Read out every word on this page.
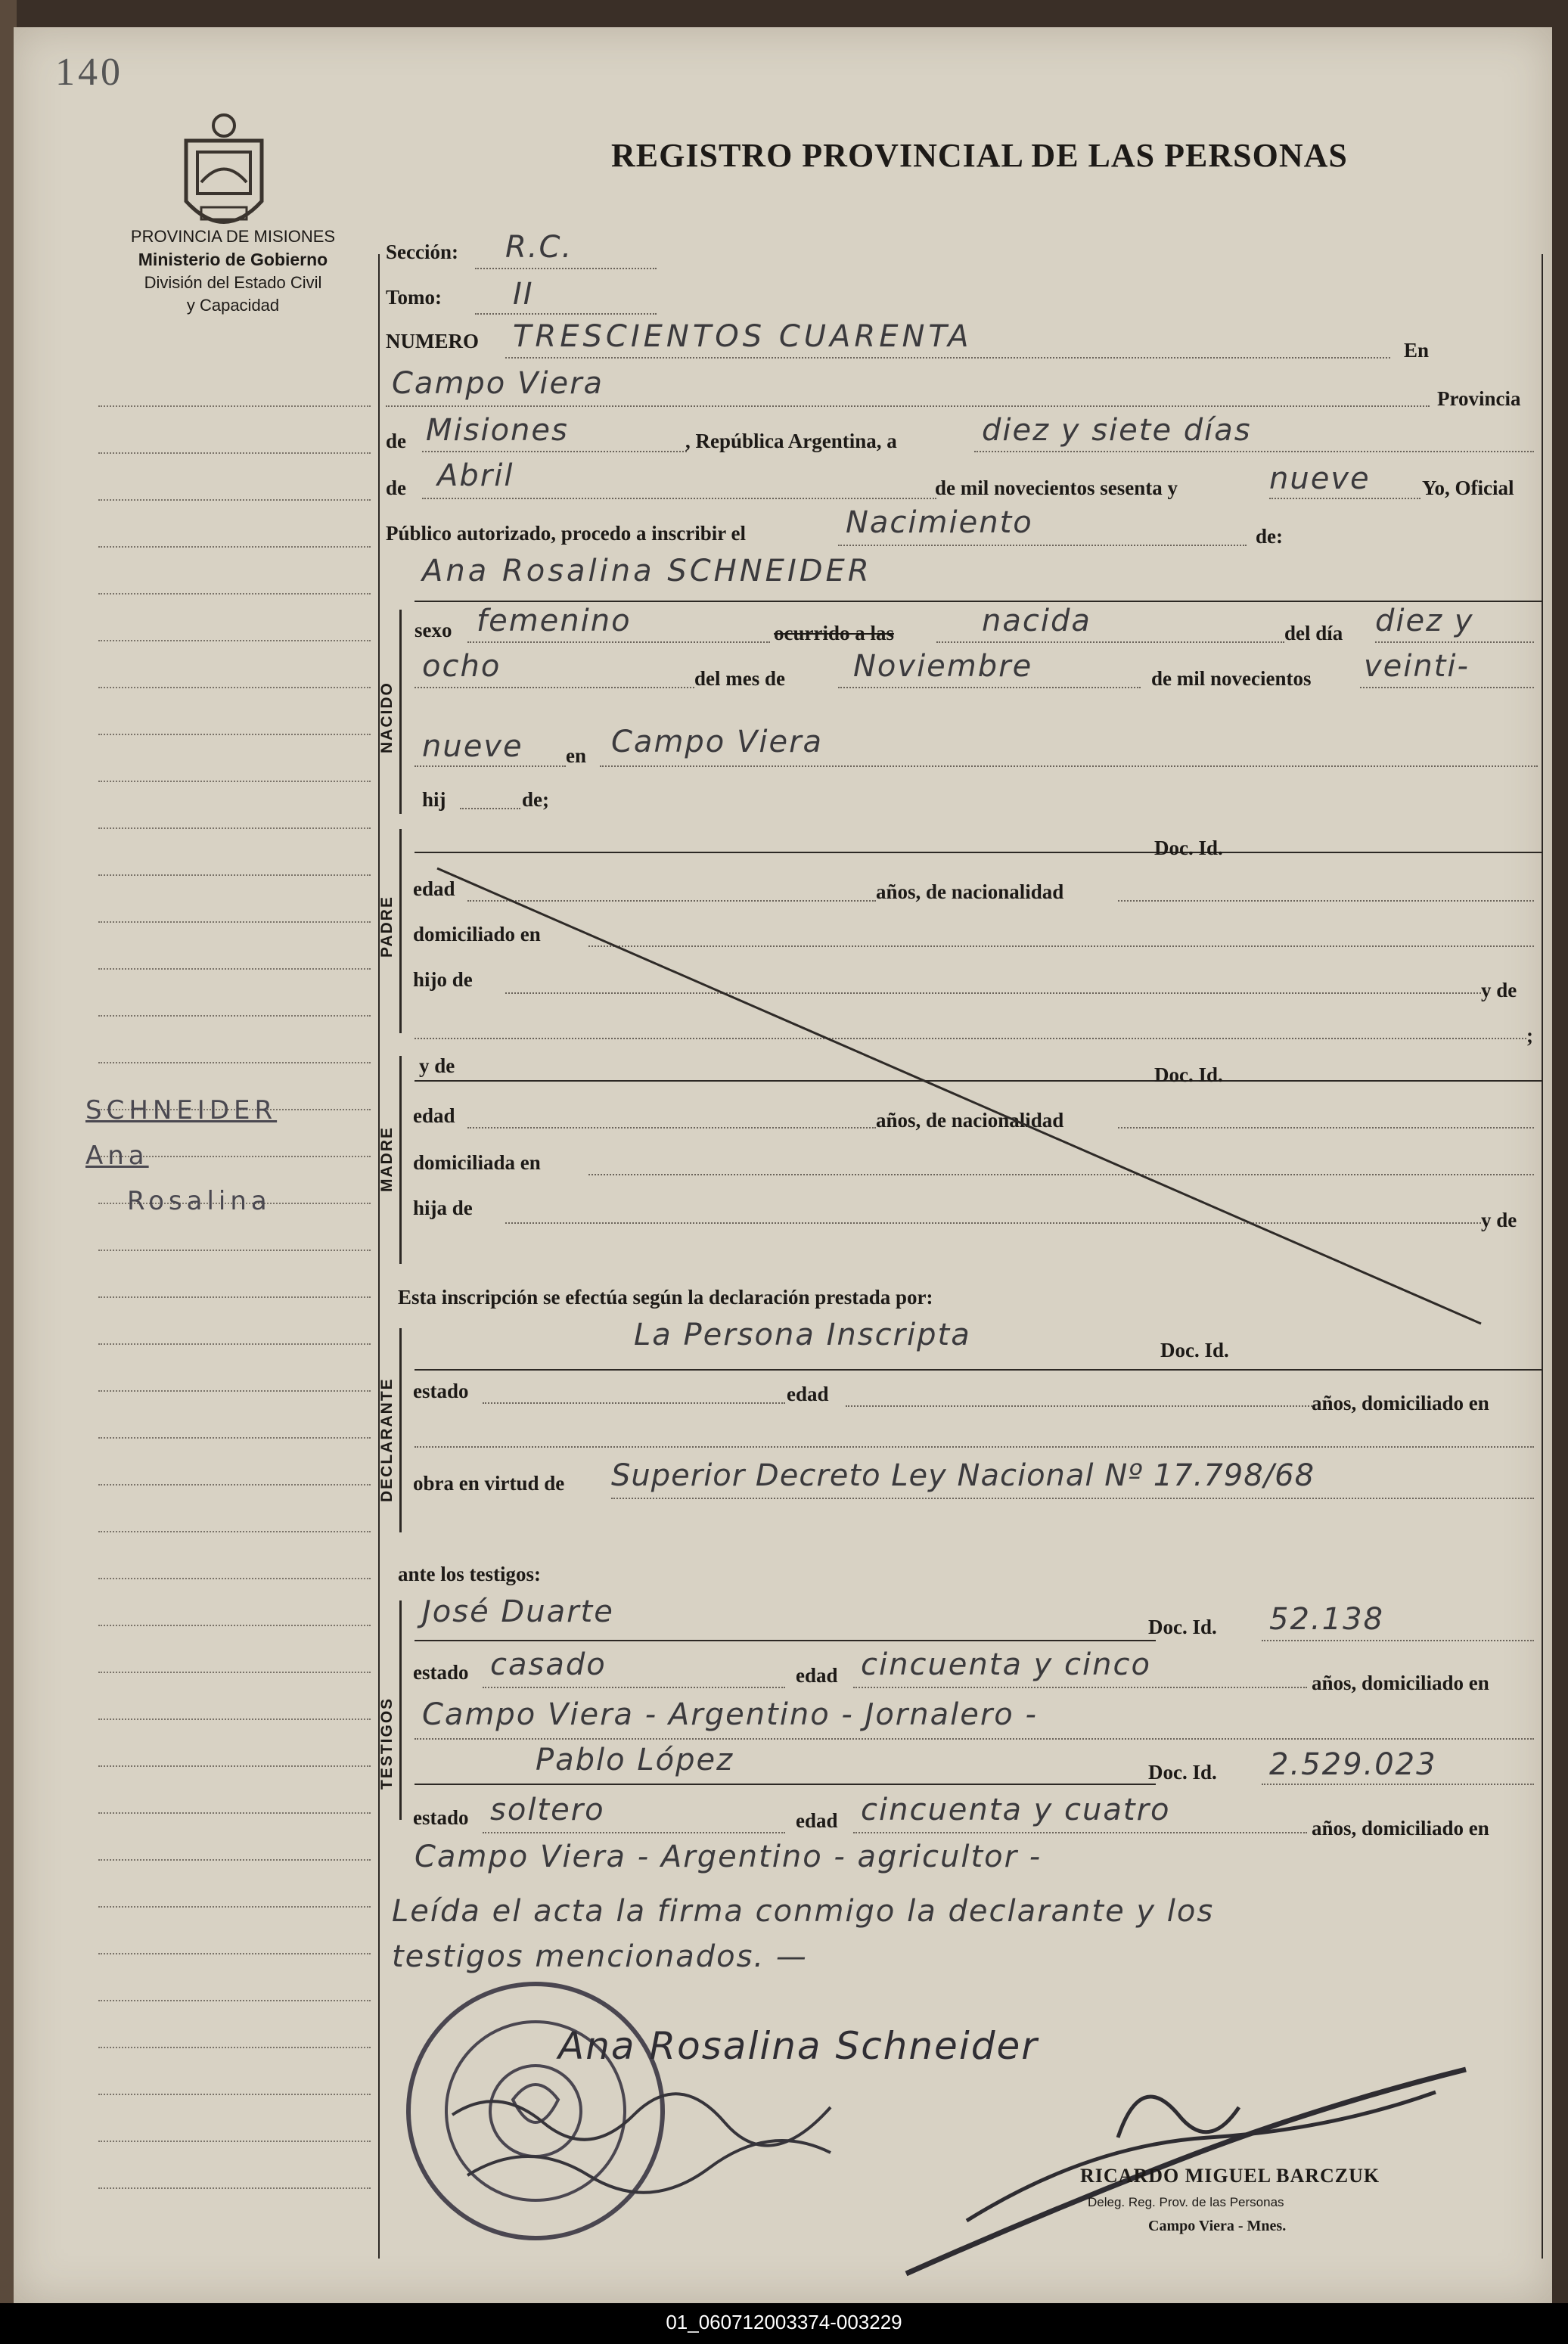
140
PROVINCIA DE MISIONES
Ministerio de Gobierno
División del Estado Civil
y Capacidad
REGISTRO PROVINCIAL DE LAS PERSONAS
SCHNEIDER
Ana
Rosalina
Sección: R.C.
Tomo: II
NUMERO TRESCIENTOS CUARENTA	En
Campo Viera	Provincia
de Misiones	, República Argentina, a	diez y siete días
de Abril	de mil novecientos sesenta y	nueve	Yo, Oficial
Público autorizado, procedo a inscribir el	Nacimiento	de:
Ana Rosalina SCHNEIDER
NACIDO
sexo femenino	ocurrido a las	nacida	del día diez y
ocho	del mes de Noviembre	de mil novecientos veinti-
nueve en Campo Viera
hij	de;
PADRE
Doc. Id.
edad	años, de nacionalidad
domiciliado en
hijo de	y de
;
MADRE
y de	Doc. Id.
edad	años, de nacionalidad
domiciliada en
hija de
y de
Esta inscripción se efectúa según la declaración prestada por:
DECLARANTE
La Persona Inscripta	Doc. Id.
estado	edad	años, domiciliado en
obra en virtud de Superior Decreto Ley Nacional Nº 17.798/68
ante los testigos:
TESTIGOS
José Duarte	Doc. Id. 52.138
estado casado	edad cincuenta y cinco
años, domiciliado en
Campo Viera - Argentino - Jornalero -
Pablo López	Doc. Id. 2.529.023
estado soltero	edad cincuenta y cuatro
años, domiciliado en
Campo Viera - Argentino - agricultor -
Leída el acta la firma conmigo la declarante y los
testigos mencionados. —
Ana Rosalina Schneider
RICARDO MIGUEL BARCZUK
Deleg. Reg. Prov. de las Personas
Campo Viera - Mnes.
01_060712003374-003229
